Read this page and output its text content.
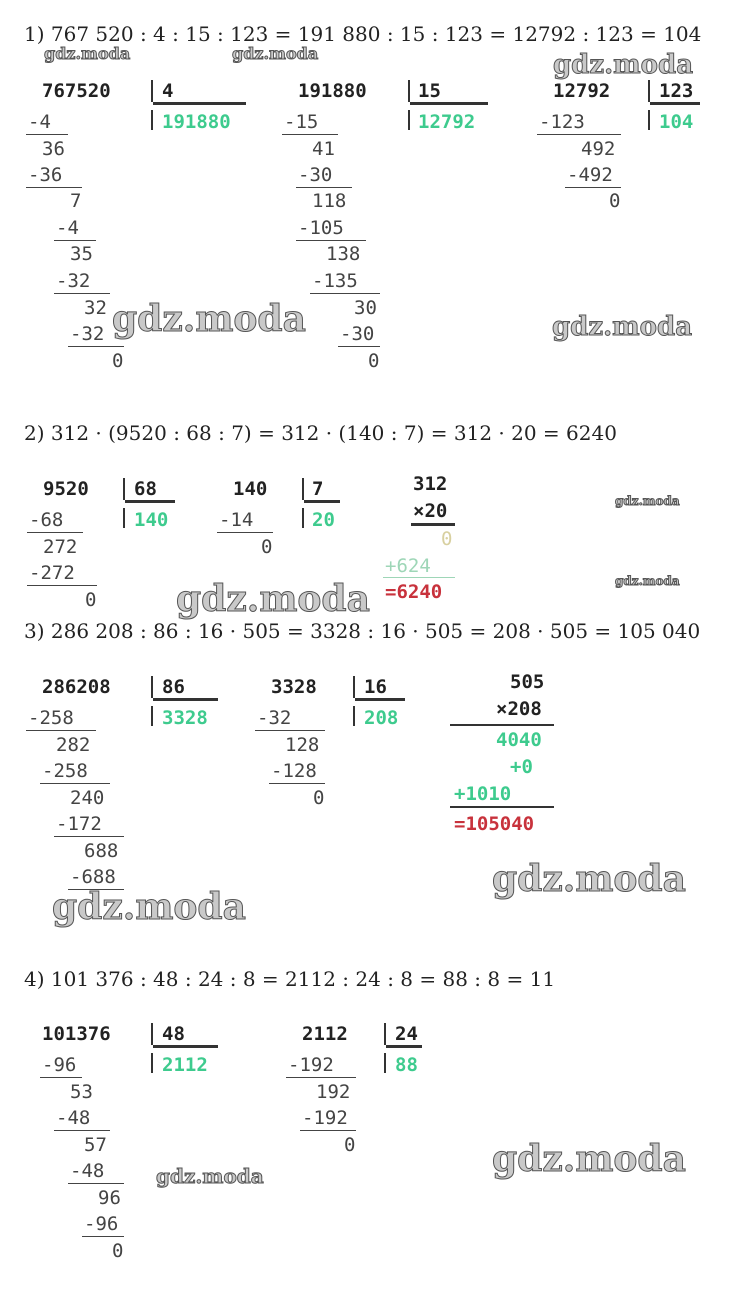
1) 767 520 : 4 : 15 : 123 = 191 880 : 15 : 123 = 12792 : 123 = 104
767520	4
191880
-4
36
-36
7
-4
35
-32
32
-32
0
191880	15
12792
-15
41
-30
118
-105
138
-135
30
-30
0
12792	123
104
-123
492
-492
0
2) 312 · (9520 : 68 : 7) = 312 · (140 : 7) = 312 · 20 = 6240
9520 68
140
-68
272
-272
0
140 7
20
-14
0
312
×20
0
+624
=6240
3) 286 208 : 86 : 16 · 505 = 3328 : 16 · 505 = 208 · 505 = 105 040
286208	86
3328
-258
282
-258
240
-172
688
-688
3328 16
208
-32
128
-128
0
505
×208
4040
+0
+1010
=105040
4) 101 376 : 48 : 24 : 8 = 2112 : 24 : 8 = 88 : 8 = 11
101376	48
2112
-96
53
-48
57
-48
96
-96
0
2112 24
88
-192
192
-192
0
gdz.moda	gdz.moda	gdz.moda
gdz.moda	gdz.moda
gdz.moda
gdz.moda
gdz.moda
gdz.moda
gdz.moda
gdz.moda	gdz.moda
